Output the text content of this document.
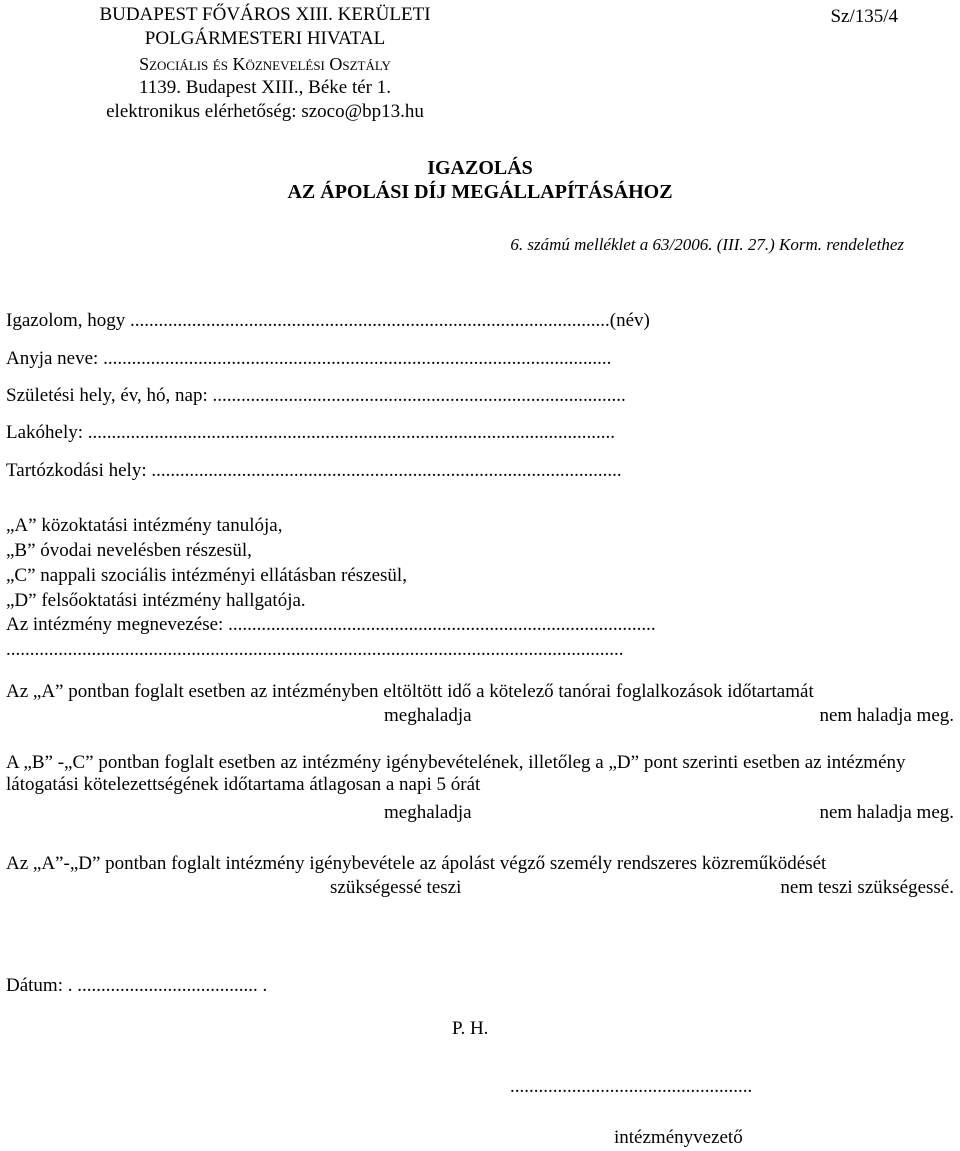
BUDAPEST FŐVÁROS XIII. KERÜLETI
POLGÁRMESTERI HIVATAL
Szociális és Köznevelési Osztály
1139. Budapest XIII., Béke tér 1.
elektronikus elérhetőség: szoco@bp13.hu
Sz/135/4
IGAZOLÁS
AZ ÁPOLÁSI DÍJ MEGÁLLAPÍTÁSÁHOZ
6. számú melléklet a 63/2006. (III. 27.) Korm. rendelethez
Igazolom, hogy .....................................................................................................(név)
Anyja neve: ...........................................................................................................
Születési hely, év, hó, nap: .......................................................................................
Lakóhely: ...............................................................................................................
Tartózkodási hely: ...................................................................................................
„A” közoktatási intézmény tanulója,
„B” óvodai nevelésben részesül,
„C” nappali szociális intézményi ellátásban részesül,
„D” felsőoktatási intézmény hallgatója.
Az intézmény megnevezése: ..........................................................................................
..................................................................................................................................
Az „A” pontban foglalt esetben az intézményben eltöltött idő a kötelező tanórai foglalkozások időtartamát
meghaladja	nem haladja meg.
A „B” -„C” pontban foglalt esetben az intézmény igénybevételének, illetőleg a „D” pont szerinti esetben az intézmény látogatási kötelezettségének időtartama átlagosan a napi 5 órát
meghaladja	nem haladja meg.
Az „A”-„D” pontban foglalt intézmény igénybevétele az ápolást végző személy rendszeres közreműködését
szükségessé teszi	nem teszi szükségessé.
Dátum: . ...................................... .
P. H.
...................................................
intézményvezető
